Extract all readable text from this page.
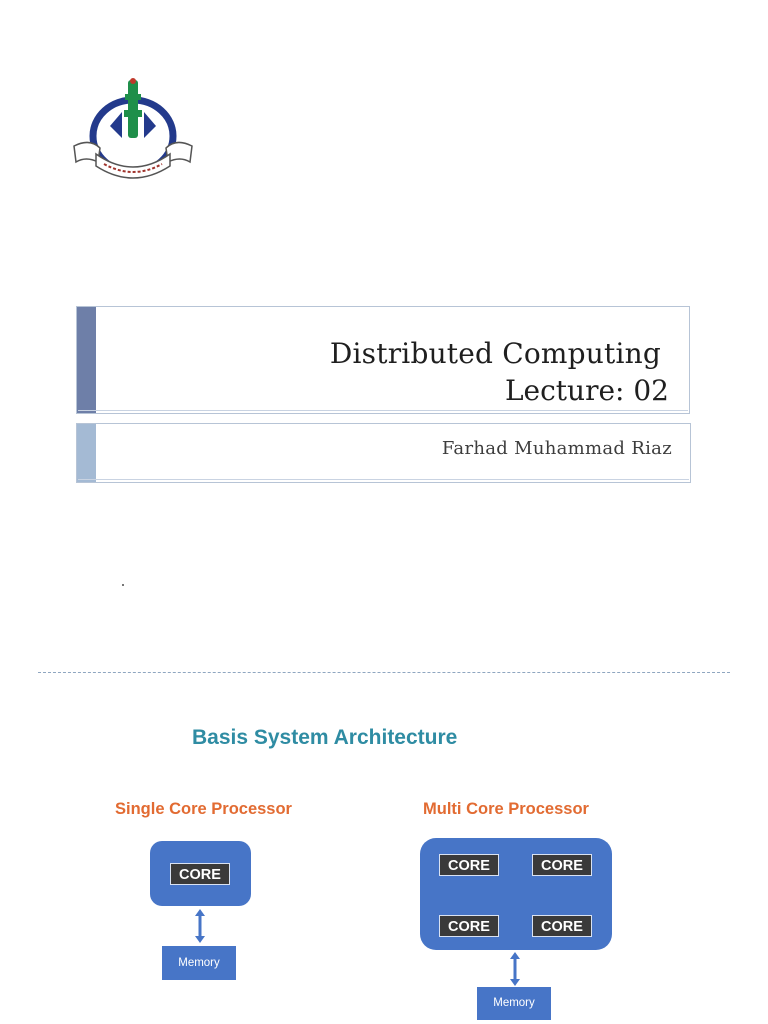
Distributed Computing
Lecture: 02
Farhad Muhammad Riaz
Basis System Architecture
Single Core Processor	Multi Core Processor
CORE
Memory
CORE	CORE
CORE	CORE
Memory
